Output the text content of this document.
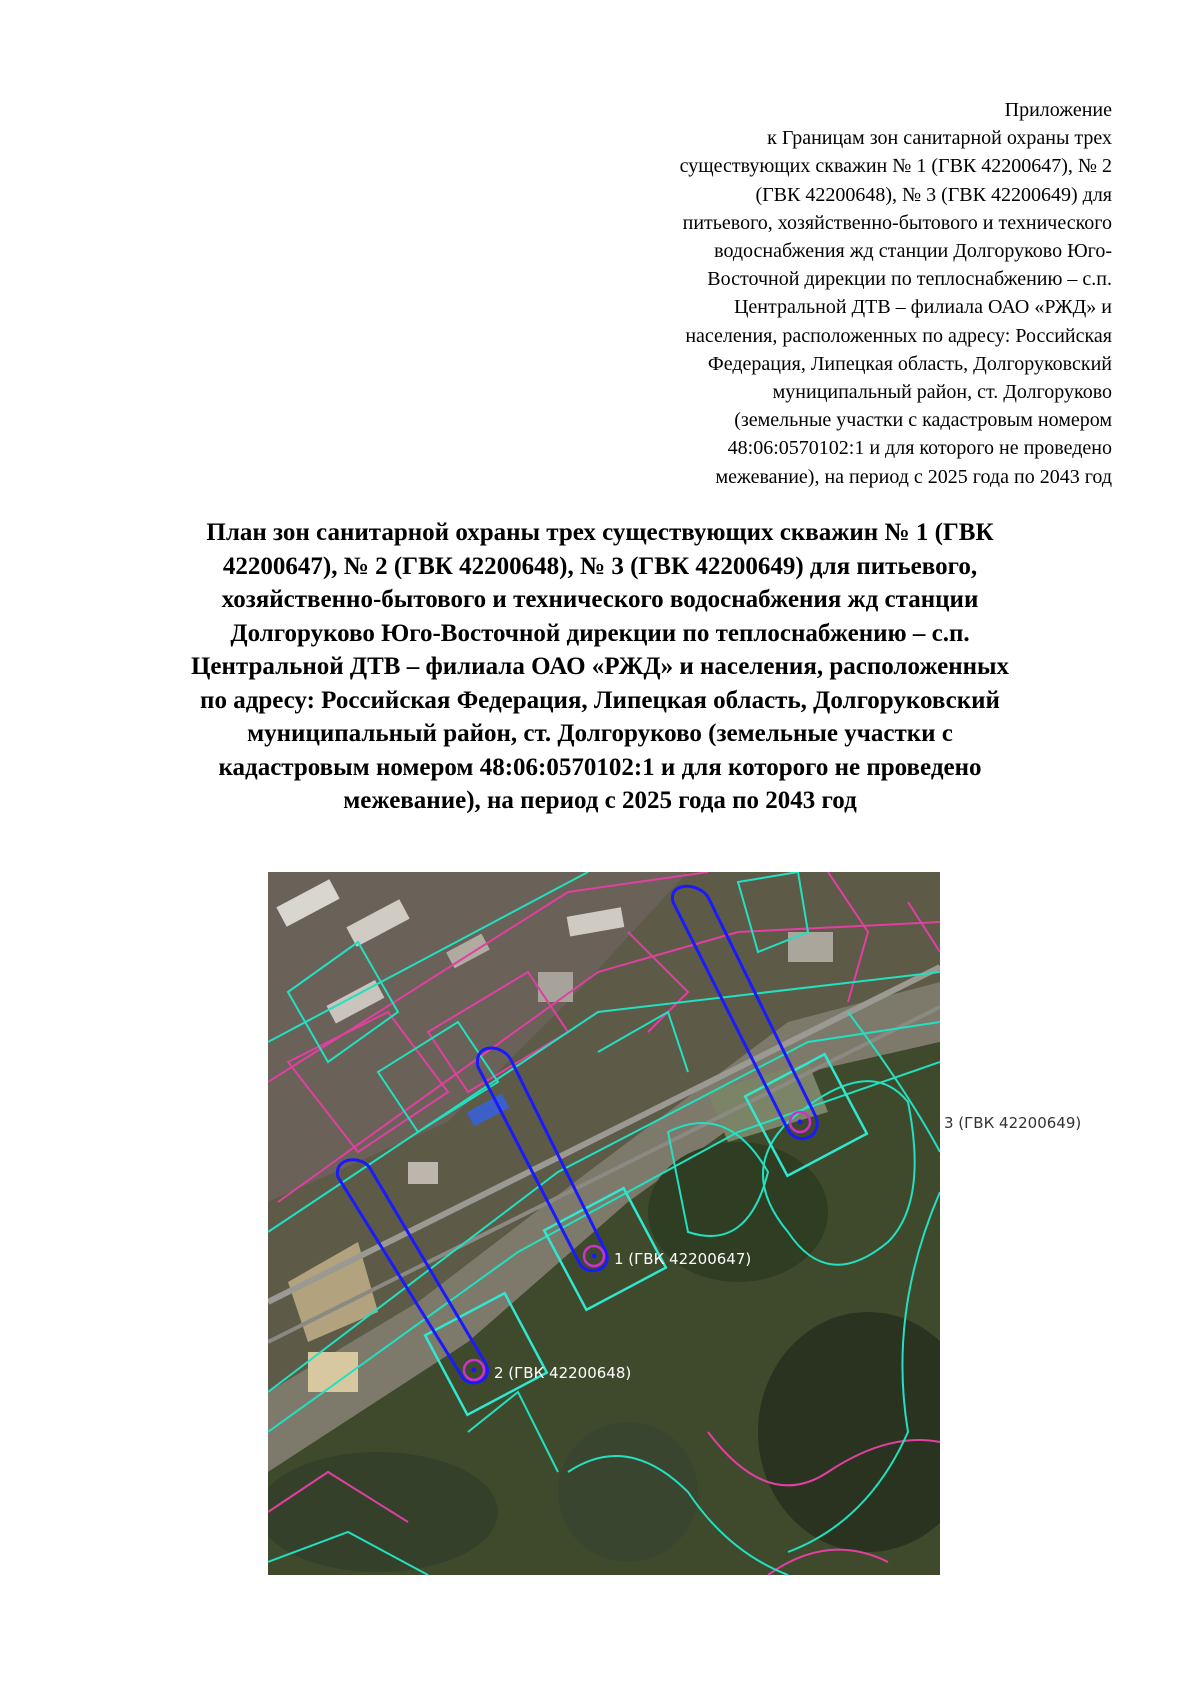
Приложение
к Границам зон санитарной охраны трех
существующих скважин № 1 (ГВК 42200647), № 2
(ГВК 42200648), № 3 (ГВК 42200649) для
питьевого, хозяйственно-бытового и технического
водоснабжения жд станции Долгоруково Юго-
Восточной дирекции по теплоснабжению – с.п.
Центральной ДТВ – филиала ОАО «РЖД» и
населения, расположенных по адресу: Российская
Федерация, Липецкая область, Долгоруковский
муниципальный район, ст. Долгоруково
(земельные участки с кадастровым номером
48:06:0570102:1 и для которого не проведено
межевание), на период с 2025 года по 2043 год
План зон санитарной охраны трех существующих скважин № 1 (ГВК
42200647), № 2 (ГВК 42200648), № 3 (ГВК 42200649) для питьевого,
хозяйственно-бытового и технического водоснабжения жд станции
Долгоруково Юго-Восточной дирекции по теплоснабжению – с.п.
Центральной ДТВ – филиала ОАО «РЖД» и населения, расположенных
по адресу: Российская Федерация, Липецкая область, Долгоруковский
муниципальный район, ст. Долгоруково (земельные участки с
кадастровым номером 48:06:0570102:1 и для которого не проведено
межевание), на период с 2025 года по 2043 год
3 (ГВК 42200649)
1 (ГВК 42200647)
2 (ГВК 42200648)
